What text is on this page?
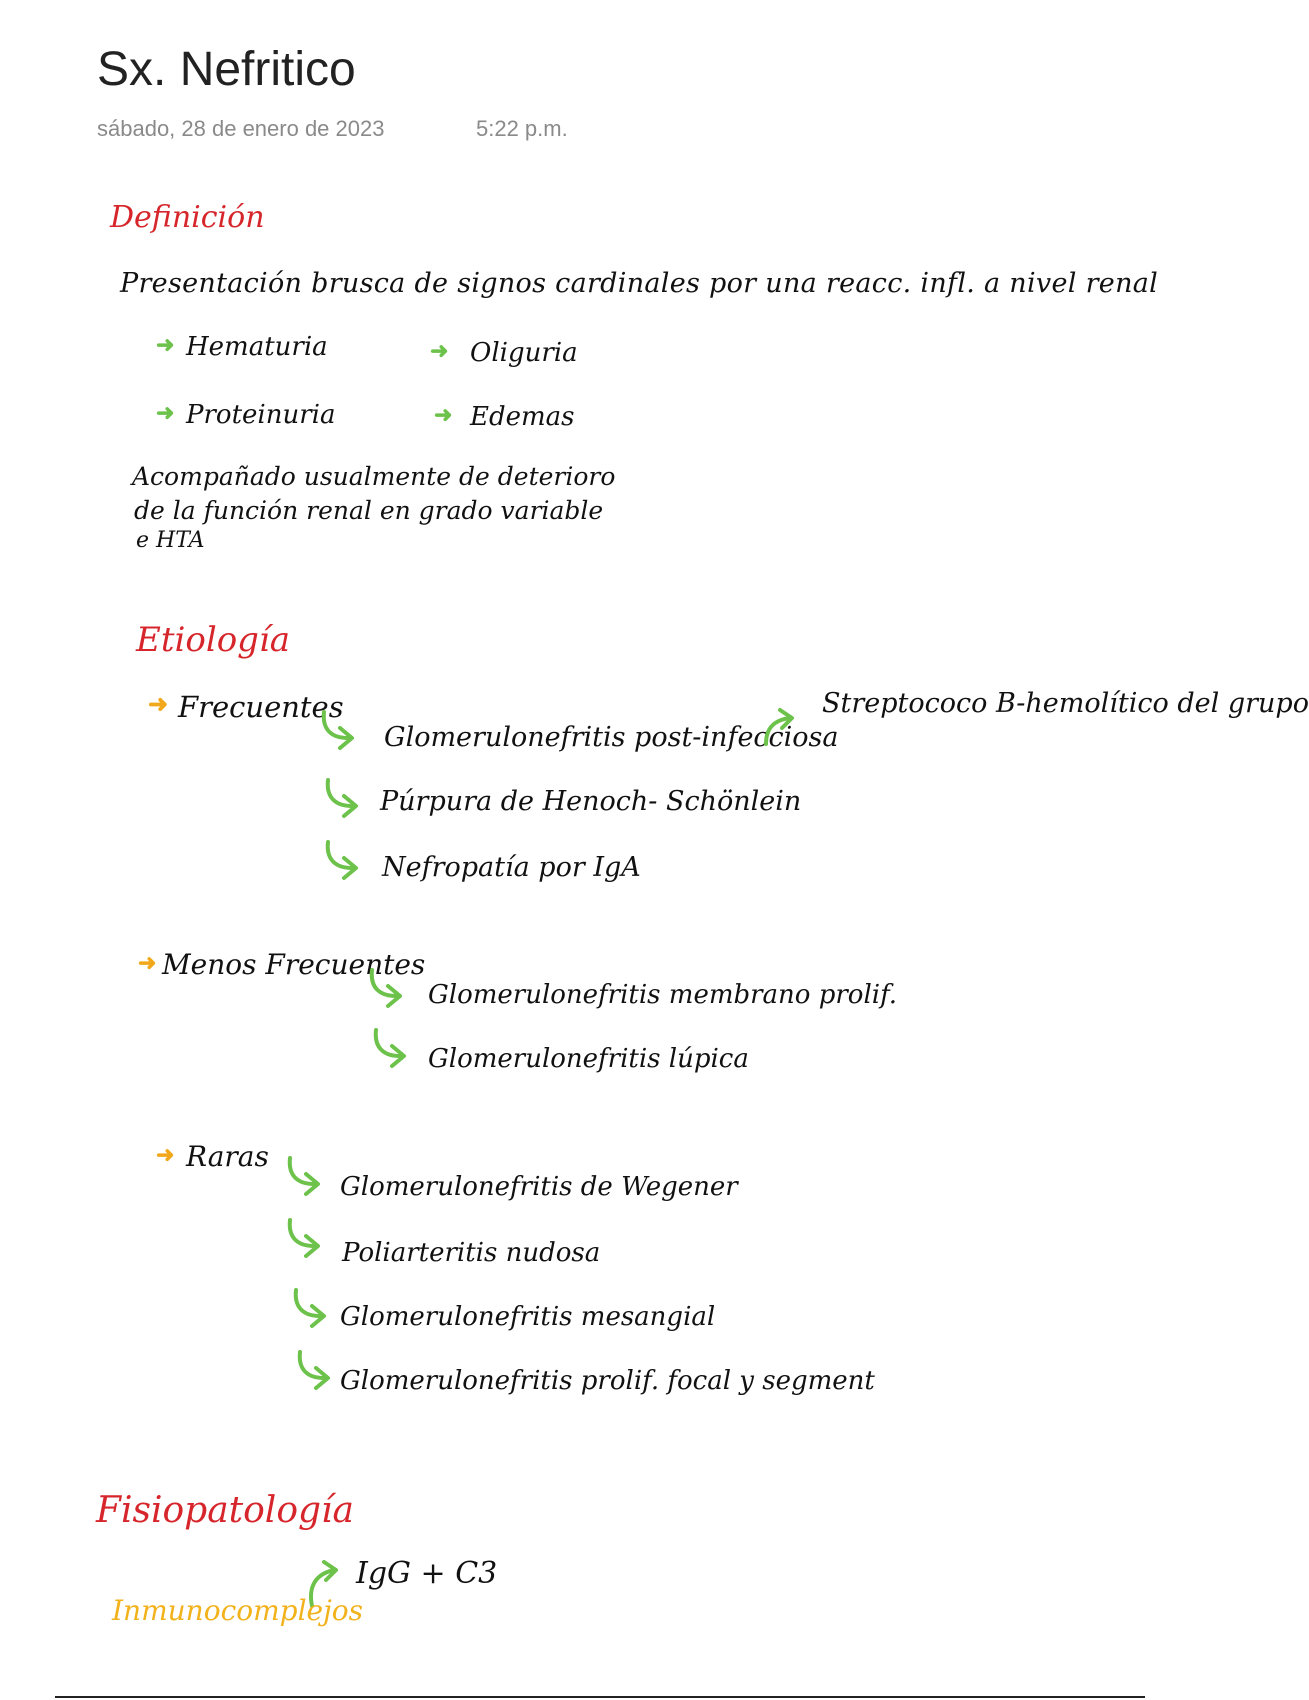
Sx. Nefritico
sábado, 28 de enero de 2023	5:22 p.m.
Definición
Presentación brusca de signos cardinales por una reacc. infl. a nivel renal
➜ Hematuria	➜ Oliguria
➜ Proteinuria	➜ Edemas
Acompañado usualmente de deterioro
de la función renal en grado variable
e HTA
Etiología
➜ Frecuentes
Glomerulonefritis post-infecciosa
Streptococo B-hemolítico del grupo
Púrpura de Henoch- Schönlein
Nefropatía por IgA
➜ Menos Frecuentes
Glomerulonefritis membrano prolif.
Glomerulonefritis lúpica
➜ Raras
Glomerulonefritis de Wegener
Poliarteritis nudosa
Glomerulonefritis mesangial
Glomerulonefritis prolif. focal y segment
Fisiopatología
IgG + C3
Inmunocomplejos
